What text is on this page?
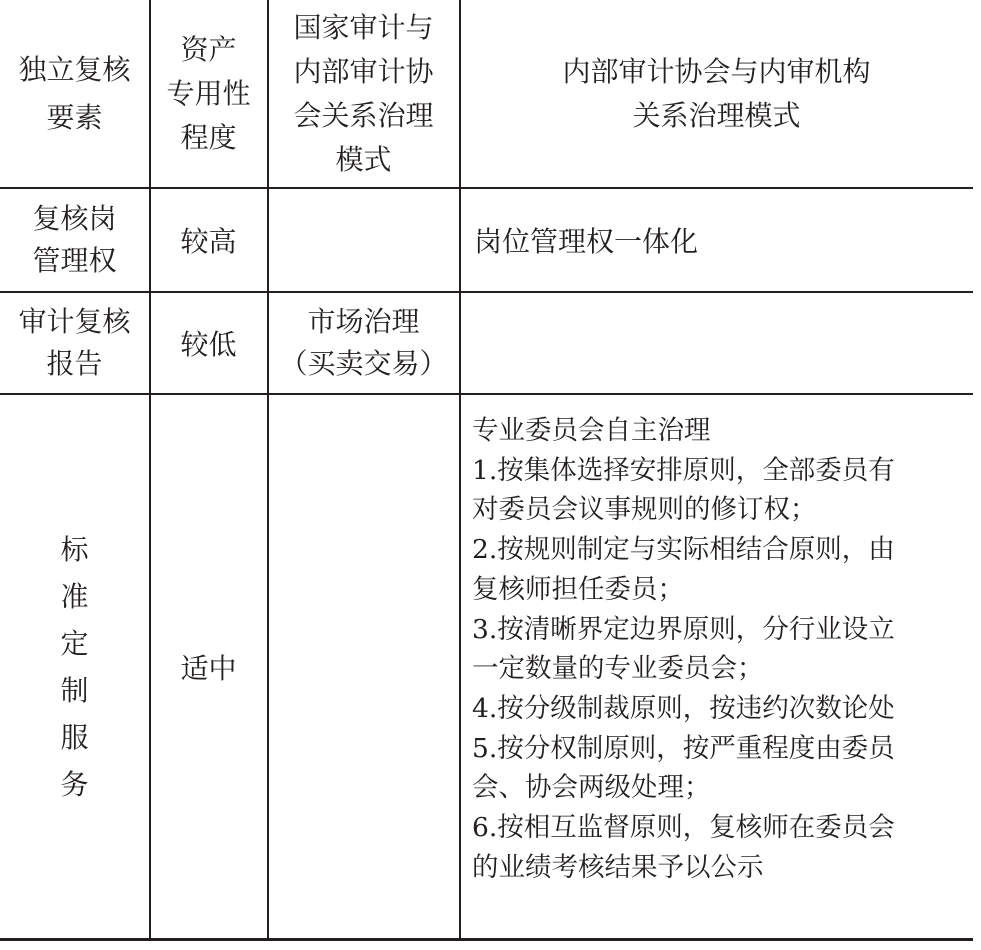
独立复核
要素
资产
专用性
程度
国家审计与
内部审计协
会关系治理
模式
内部审计协会与内审机构
关系治理模式
复核岗
管理权
较高	岗位管理权一体化
审计复核
报告
较低
市场治理
（买卖交易）
标
准
定
制
服
务
适中
专业委员会自主治理
1.按集体选择安排原则，全部委员有
对委员会议事规则的修订权；
2.按规则制定与实际相结合原则，由
复核师担任委员；
3.按清晰界定边界原则，分行业设立
一定数量的专业委员会；
4.按分级制裁原则，按违约次数论处
5.按分权制原则，按严重程度由委员
会、协会两级处理；
6.按相互监督原则，复核师在委员会
的业绩考核结果予以公示
